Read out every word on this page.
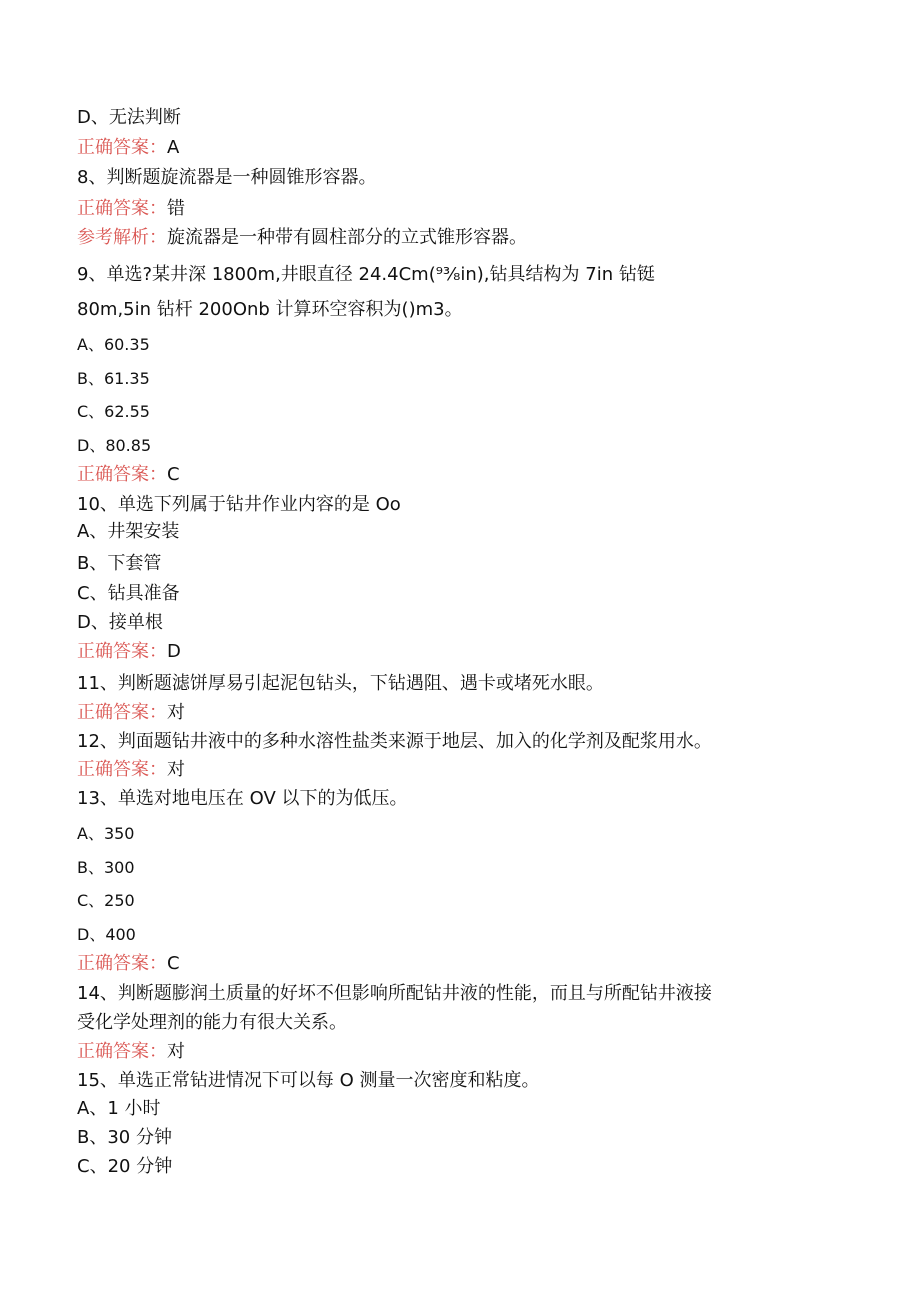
D、无法判断
正确答案：A
8、判断题旋流器是一种圆锥形容器。
正确答案：错
参考解析：旋流器是一种带有圆柱部分的立式锥形容器。
9、单选?某井深 1800m,井眼直径 24.4Cm(⁹³⁄₈in),钻具结构为 7in 钻铤
80m,5in 钻杆 200Onb 计算环空容积为()m3。
A、60.35
B、61.35
C、62.55
D、80.85
正确答案：C
10、单选下列属于钻井作业内容的是 Oo
A、井架安装
B、下套管
C、钻具准备
D、接单根
正确答案：D
11、判断题滤饼厚易引起泥包钻头，下钻遇阻、遇卡或堵死水眼。
正确答案：对
12、判面题钻井液中的多种水溶性盐类来源于地层、加入的化学剂及配浆用水。
正确答案：对
13、单选对地电压在 OV 以下的为低压。
A、350
B、300
C、250
D、400
正确答案：C
14、判断题膨润土质量的好坏不但影响所配钻井液的性能，而且与所配钻井液接
受化学处理剂的能力有很大关系。
正确答案：对
15、单选正常钻进情况下可以每 O 测量一次密度和粘度。
A、1 小时
B、30 分钟
C、20 分钟
